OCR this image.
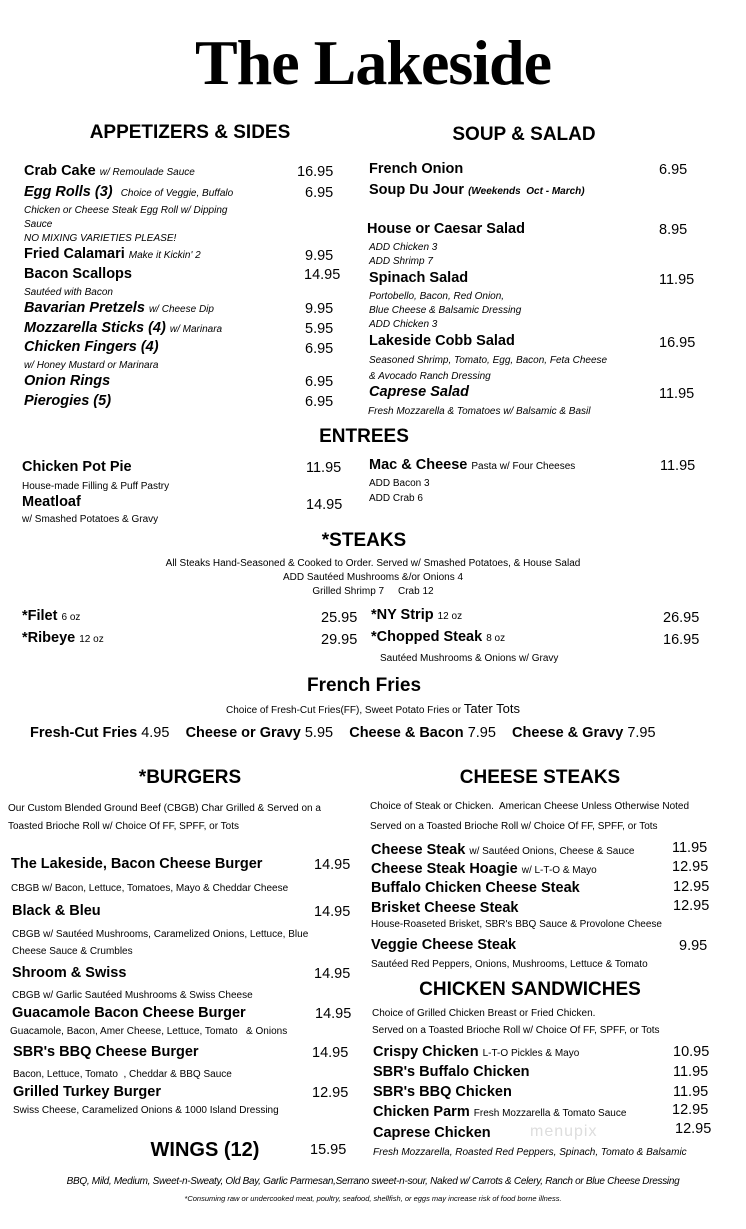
The Lakeside
APPETIZERS & SIDES
Crab Cake w/ Remoulade Sauce	16.95
Egg Rolls (3) Choice of Veggie, Buffalo	6.95
Chicken or Cheese Steak Egg Roll w/ Dipping
Sauce
NO MIXING VARIETIES PLEASE!
Fried Calamari Make it Kickin' 2	9.95
Bacon Scallops	14.95
Sautéed with Bacon
Bavarian Pretzels w/ Cheese Dip	9.95
Mozzarella Sticks (4) w/ Marinara	5.95
Chicken Fingers (4)	6.95
w/ Honey Mustard or Marinara
Onion Rings	6.95
Pierogies (5)	6.95
SOUP & SALAD
French Onion	6.95
Soup Du Jour (Weekends  Oct - March)
House or Caesar Salad	8.95
ADD Chicken 3
ADD Shrimp 7
Spinach Salad	11.95
Portobello, Bacon, Red Onion,
Blue Cheese & Balsamic Dressing
ADD Chicken 3
Lakeside Cobb Salad	16.95
Seasoned Shrimp, Tomato, Egg, Bacon, Feta Cheese
& Avocado Ranch Dressing
Caprese Salad	11.95
Fresh Mozzarella & Tomatoes w/ Balsamic & Basil
ENTREES
Chicken Pot Pie	11.95
House-made Filling & Puff Pastry
Meatloaf	14.95
w/ Smashed Potatoes & Gravy
Mac & Cheese Pasta w/ Four Cheeses	11.95
ADD Bacon 3
ADD Crab 6
*STEAKS
All Steaks Hand-Seasoned & Cooked to Order. Served w/ Smashed Potatoes, & House Salad
ADD Sautéed Mushrooms &/or Onions 4
Grilled Shrimp 7     Crab 12
*Filet 6 oz	25.95
*Ribeye 12 oz	29.95
*NY Strip 12 oz	26.95
*Chopped Steak 8 oz	16.95
Sautéed Mushrooms & Onions w/ Gravy
French Fries
Choice of Fresh-Cut Fries(FF), Sweet Potato Fries or Tater Tots
Fresh-Cut Fries 4.95 Cheese or Gravy 5.95 Cheese & Bacon 7.95 Cheese & Gravy 7.95
*BURGERS
Our Custom Blended Ground Beef (CBGB) Char Grilled & Served on a
Toasted Brioche Roll w/ Choice Of FF, SPFF, or Tots
The Lakeside, Bacon Cheese Burger	14.95
CBGB w/ Bacon, Lettuce, Tomatoes, Mayo & Cheddar Cheese
Black & Bleu	14.95
CBGB w/ Sautéed Mushrooms, Caramelized Onions, Lettuce, Blue
Cheese Sauce & Crumbles
Shroom & Swiss	14.95
CBGB w/ Garlic Sautéed Mushrooms & Swiss Cheese
Guacamole Bacon Cheese Burger	14.95
Guacamole, Bacon, Amer Cheese, Lettuce, Tomato   & Onions
SBR's BBQ Cheese Burger	14.95
Bacon, Lettuce, Tomato  , Cheddar & BBQ Sauce
Grilled Turkey Burger	12.95
Swiss Cheese, Caramelized Onions & 1000 Island Dressing
CHEESE STEAKS
Choice of Steak or Chicken.  American Cheese Unless Otherwise Noted
Served on a Toasted Brioche Roll w/ Choice Of FF, SPFF, or Tots
Cheese Steak w/ Sautéed Onions, Cheese & Sauce	11.95
Cheese Steak Hoagie w/ L-T-O & Mayo	12.95
Buffalo Chicken Cheese Steak	12.95
Brisket Cheese Steak	12.95
House-Roaseted Brisket, SBR's BBQ Sauce & Provolone Cheese
Veggie Cheese Steak	9.95
Sautéed Red Peppers, Onions, Mushrooms, Lettuce & Tomato
CHICKEN SANDWICHES
Choice of Grilled Chicken Breast or Fried Chicken.
Served on a Toasted Brioche Roll w/ Choice Of FF, SPFF, or Tots
Crispy Chicken L-T-O Pickles & Mayo	10.95
SBR's Buffalo Chicken	11.95
SBR's BBQ Chicken	11.95
Chicken Parm Fresh Mozzarella & Tomato Sauce	12.95
Caprese Chicken	12.95
menupix
Fresh Mozzarella, Roasted Red Peppers, Spinach, Tomato & Balsamic
WINGS (12)	15.95
BBQ, Mild, Medium, Sweet-n-Sweaty, Old Bay, Garlic Parmesan,Serrano sweet-n-sour, Naked w/ Carrots & Celery, Ranch or Blue Cheese Dressing
*Consuming raw or undercooked meat, poultry, seafood, shellfish, or eggs may increase risk of food borne illness.
